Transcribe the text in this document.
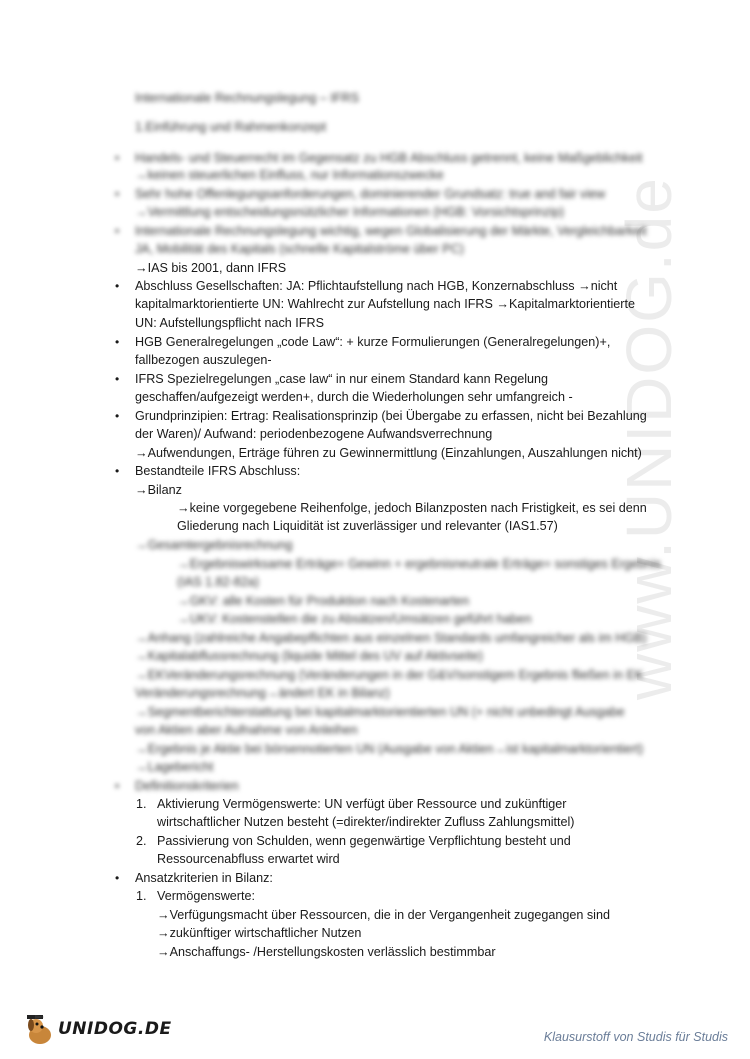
www.UNIDOG.de
Internationale Rechnungslegung – IFRS
1.Einführung und Rahmenkonzept
• Handels- und Steuerrecht im Gegensatz zu HGB Abschluss getrennt, keine Maßgeblichkeit
→keinen steuerlichen Einfluss, nur Informationszwecke
• Sehr hohe Offenlegungsanforderungen, dominierender Grundsatz: true and fair view
→Vermittlung entscheidungsnützlicher Informationen (HGB: Vorsichtsprinzip)
• Internationale Rechnungslegung wichtig, wegen Globalisierung der Märkte, Vergleichbarkeit
JA, Mobilität des Kapitals (schnelle Kapitalströme über PC)
→IAS bis 2001, dann IFRS
• Abschluss Gesellschaften: JA: Pflichtaufstellung nach HGB, Konzernabschluss →nicht
kapitalmarktorientierte UN: Wahlrecht zur Aufstellung nach IFRS →Kapitalmarktorientierte
UN: Aufstellungspflicht nach IFRS
• HGB Generalregelungen „code Law“: + kurze Formulierungen (Generalregelungen)+,
fallbezogen auszulegen-
• IFRS Spezielregelungen „case law“ in nur einem Standard kann Regelung
geschaffen/aufgezeigt werden+, durch die Wiederholungen sehr umfangreich -
• Grundprinzipien: Ertrag: Realisationsprinzip (bei Übergabe zu erfassen, nicht bei Bezahlung
der Waren)/ Aufwand: periodenbezogene Aufwandsverrechnung
→Aufwendungen, Erträge führen zu Gewinnermittlung (Einzahlungen, Auszahlungen nicht)
• Bestandteile IFRS Abschluss:
→Bilanz
→keine vorgegebene Reihenfolge, jedoch Bilanzposten nach Fristigkeit, es sei denn
Gliederung nach Liquidität ist zuverlässiger und relevanter (IAS1.57)
→Gesamtergebnisrechnung
→Ergebniswirksame Erträge= Gewinn + ergebnisneutrale Erträge= sonstiges Ergebnis
(IAS 1.82-82a)
→GKV: alle Kosten für Produktion nach Kostenarten
→UKV: Kostenstellen die zu Absätzen/Umsätzen geführt haben
→Anhang (zahlreiche Angabepflichten aus einzelnen Standards umfangreicher als im HGB)
→Kapitalabflussrechnung (liquide Mittel des UV auf Aktivseite)
→EKVeränderungsrechnung (Veränderungen in der G&V/sonstigem Ergebnis fließen in EK
Veränderungsrechnung→ändert EK in Bilanz)
→Segmentberichterstattung bei kapitalmarktorientierten UN (+ nicht unbedingt Ausgabe
von Aktien aber Aufnahme von Anleihen
→Ergebnis je Aktie bei börsennotierten UN (Ausgabe von Aktien→ist kapitalmarktorientiert)
→Lagebericht
• Definitionskriterien
1. Aktivierung Vermögenswerte: UN verfügt über Ressource und zukünftiger
wirtschaftlicher Nutzen besteht (=direkter/indirekter Zufluss Zahlungsmittel)
2. Passivierung von Schulden, wenn gegenwärtige Verpflichtung besteht und
Ressourcenabfluss erwartet wird
• Ansatzkriterien in Bilanz:
1. Vermögenswerte:
→Verfügungsmacht über Ressourcen, die in der Vergangenheit zugegangen sind
→zukünftiger wirtschaftlicher Nutzen
→Anschaffungs- /Herstellungskosten verlässlich bestimmbar
UNIDOG.DE	Klausurstoff von Studis für Studis
